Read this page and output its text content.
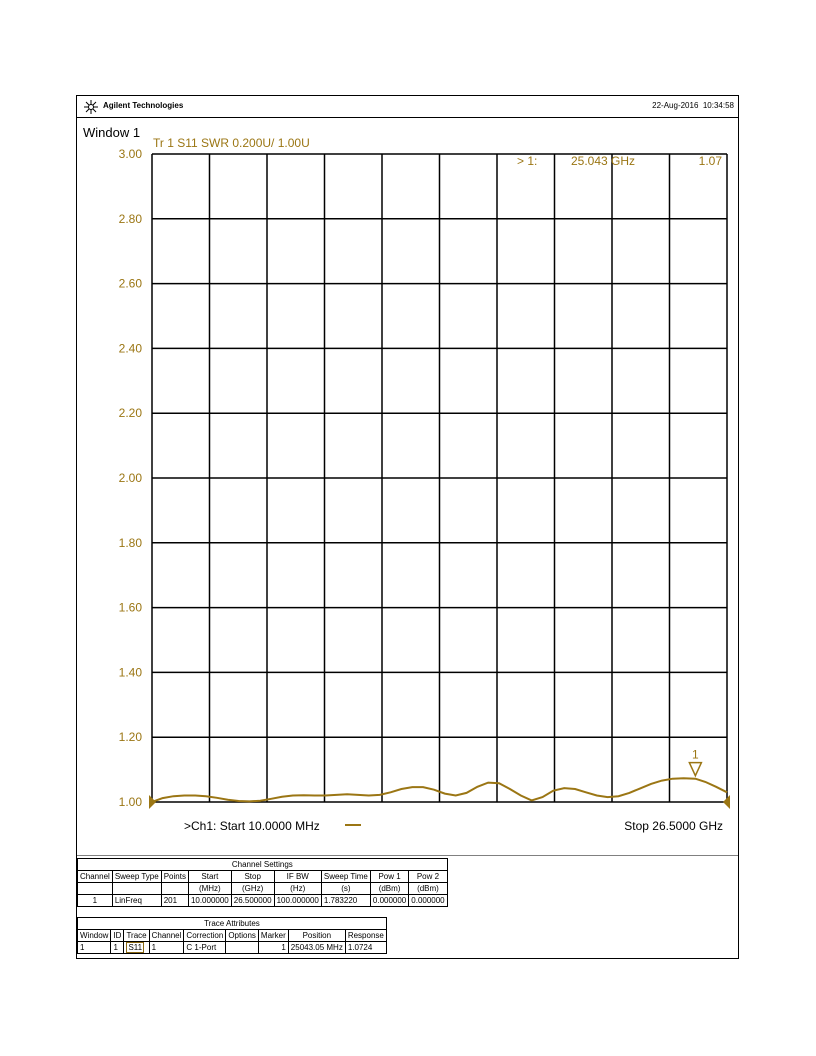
Agilent Technologies	22-Aug-2016 10:34:58
Window 1
3.00
2.80
2.60
2.40
2.20
2.00
1.80
1.60
1.40
1.20
1.00
Tr 1 S11 SWR 0.200U/ 1.00U
> 1:	25.043 GHz	1.07
1
>Ch1: Start 10.0000 MHz	Stop 26.5000 GHz
Channel Settings								
Channel	Sweep Type	Points	Start	Stop	IF BW	Sweep Time	Pow 1	Pow 2
			(MHz)	(GHz)	(Hz)	(s)	(dBm)	(dBm)
1	LinFreq	201	10.000000	26.500000	100.000000	1.783220	0.000000	0.000000
Trace Attributes								
Window	ID	Trace	Channel	Correction	Options	Marker	Position	Response
1	1	S11	1	C 1-Port		1	25043.05 MHz	1.0724
